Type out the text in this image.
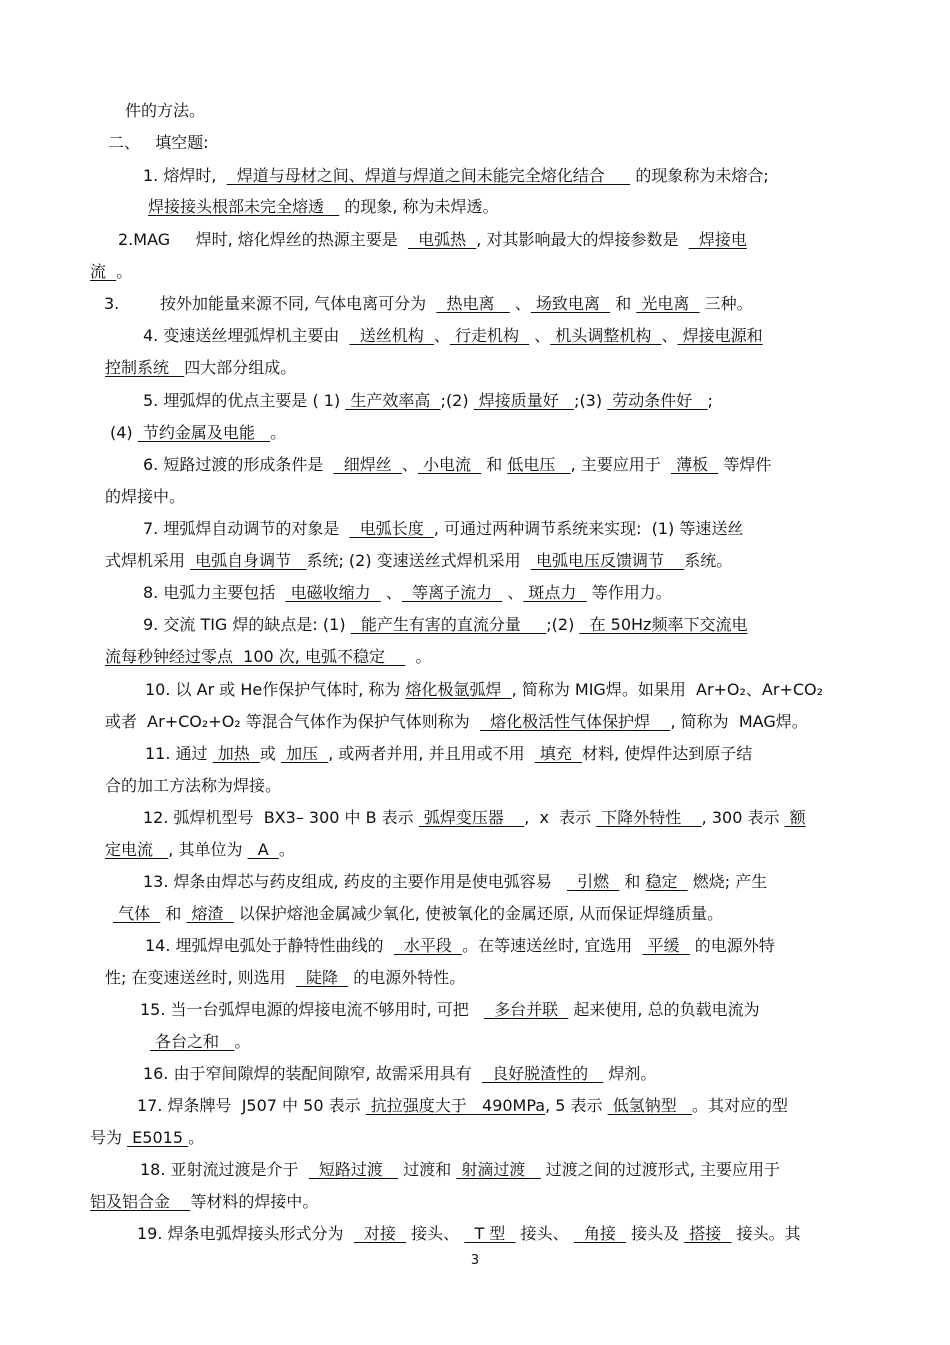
件的方法。
二、   填空题:
1. 熔焊时,    焊道与母材之间、焊道与焊道之间未能完全熔化结合      的现象称为未熔合;
焊接接头根部未完全熔透    的现象, 称为未焊透。
2.MAG     焊时, 熔化焊丝的热源主要是    电弧热  , 对其影响最大的焊接参数是    焊接电
流  。
3.        按外加能量来源不同, 气体电离可分为    热电离    、 场致电离   和  光电离   三种。
4. 变速送丝埋弧焊机主要由    送丝机构  、 行走机构   、 机头调整机构  、 焊接电源和
控制系统   四大部分组成。
5. 埋弧焊的优点主要是 ( 1)  生产效率高  ;(2)  焊接质量好   ;(3)  劳动条件好   ;
(4)  节约金属及电能   。
6. 短路过渡的形成条件是    细焊丝  、 小电流   和 低电压   , 主要应用于   薄板   等焊件
的焊接中。
7. 埋弧焊自动调节的对象是    电弧长度  , 可通过两种调节系统来实现:  (1) 等速送丝
式焊机采用  电弧自身调节   系统; (2) 变速送丝式焊机采用   电弧电压反馈调节    系统。
8. 电弧力主要包括   电磁收缩力   、  等离子流力   、 斑点力   等作用力。
9. 交流 TIG 焊的缺点是: (1)   能产生有害的直流分量     ;(2)   在 50Hz频率下交流电
流每秒钟经过零点  100 次, 电弧不稳定      。
10. 以 Ar 或 He作保护气体时, 称为 熔化极氩弧焊  , 简称为 MIG焊。如果用  Ar+O₂、Ar+CO₂
或者  Ar+CO₂+O₂ 等混合气体作为保护气体则称为    熔化极活性气体保护焊    , 简称为  MAG焊。
11. 通过  加热  或  加压  , 或两者并用, 并且用或不用   填充  材料, 使焊件达到原子结
合的加工方法称为焊接。
12. 弧焊机型号  BX3– 300 中 B 表示  弧焊变压器    ,  x  表示  下降外特性    , 300 表示  额
定电流   , 其单位为   A  。
13. 焊条由焊芯与药皮组成, 药皮的主要作用是使电弧容易     引燃   和 稳定   燃烧; 产生
气体   和  熔渣   以保护熔池金属减少氧化, 使被氧化的金属还原, 从而保证焊缝质量。
14. 埋弧焊电弧处于静特性曲线的    水平段  。在等速送丝时, 宜选用   平缓   的电源外特
性; 在变速送丝时, 则选用    陡降   的电源外特性。
15. 当一台弧焊电源的焊接电流不够用时, 可把     多台并联   起来使用, 总的负载电流为
各台之和   。
16. 由于窄间隙焊的装配间隙窄, 故需采用具有    良好脱渣性的    焊剂。
17. 焊条牌号  J507 中 50 表示  抗拉强度大于   490MPa, 5 表示  低氢钠型   。其对应的型
号为  E5015 。
18. 亚射流过渡是介于    短路过渡    过渡和  射滴过渡    过渡之间的过渡形式, 主要应用于
铝及铝合金    等材料的焊接中。
19. 焊条电弧焊接头形式分为    对接   接头、   T 型   接头、   角接   接头及  搭接   接头。其
3
